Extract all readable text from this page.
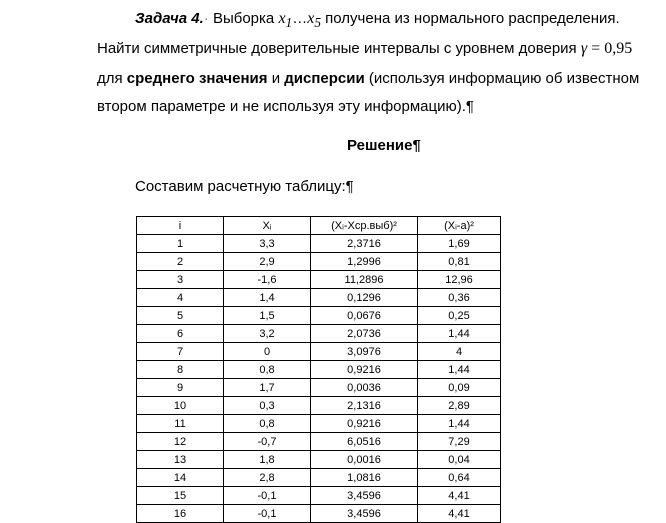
Задача 4.· Выборка $x_1\dots x_5$ получена из нормального распределения.
Найти симметричные доверительные интервалы с уровнем доверия γ = 0,95
для среднего значения и дисперсии (используя информацию об известном
втором параметре и не используя эту информацию).¶
Решение¶
Составим расчетную таблицу:¶
i	Xᵢ	(Xᵢ-Xср.выб)²	(Xᵢ-a)²
1	3,3	2,3716	1,69
2	2,9	1,2996	0,81
3	-1,6	11,2896	12,96
4	1,4	0,1296	0,36
5	1,5	0,0676	0,25
6	3,2	2,0736	1,44
7	0	3,0976	4
8	0,8	0,9216	1,44
9	1,7	0,0036	0,09
10	0,3	2,1316	2,89
11	0,8	0,9216	1,44
12	-0,7	6,0516	7,29
13	1,8	0,0016	0,04
14	2,8	1,0816	0,64
15	-0,1	3,4596	4,41
16	-0,1	3,4596	4,41
